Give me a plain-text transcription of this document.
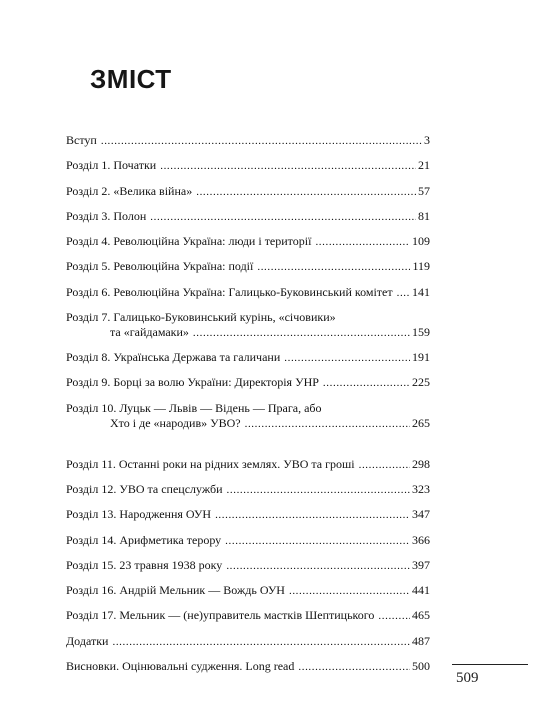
ЗМІСТ
Вступ .....	3
Розділ 1. Початки .....	21
Розділ 2. «Велика війна» .....	57
Розділ 3. Полон .....	81
Розділ 4. Революційна Україна: люди і території .....	109
Розділ 5. Революційна Україна: події .....	119
Розділ 6. Революційна Україна: Галицько-Буковинський комітет ..... 141
Розділ 7. Галицько-Буковинський курінь, «січовики»
та «гайдамаки» .....	159
Розділ 8. Українська Держава та галичани .....	191
Розділ 9. Борці за волю України: Директорія УНР .....	225
Розділ 10. Луцьк — Львів — Відень — Прага, або
Хто і де «народив» УВО? .....	265
Розділ 11. Останні роки на рідних землях. УВО та гроші .....	298
Розділ 12. УВО та спецслужби .....	323
Розділ 13. Народження ОУН .....	347
Розділ 14. Арифметика терору .....	366
Розділ 15. 23 травня 1938 року .....	397
Розділ 16. Андрій Мельник — Вождь ОУН .....	441
Розділ 17. Мельник — (не)управитель мастків Шептицького .....	465
Додатки .....	487
Висновки. Оцінювальні судження. Long read .....	500
509
